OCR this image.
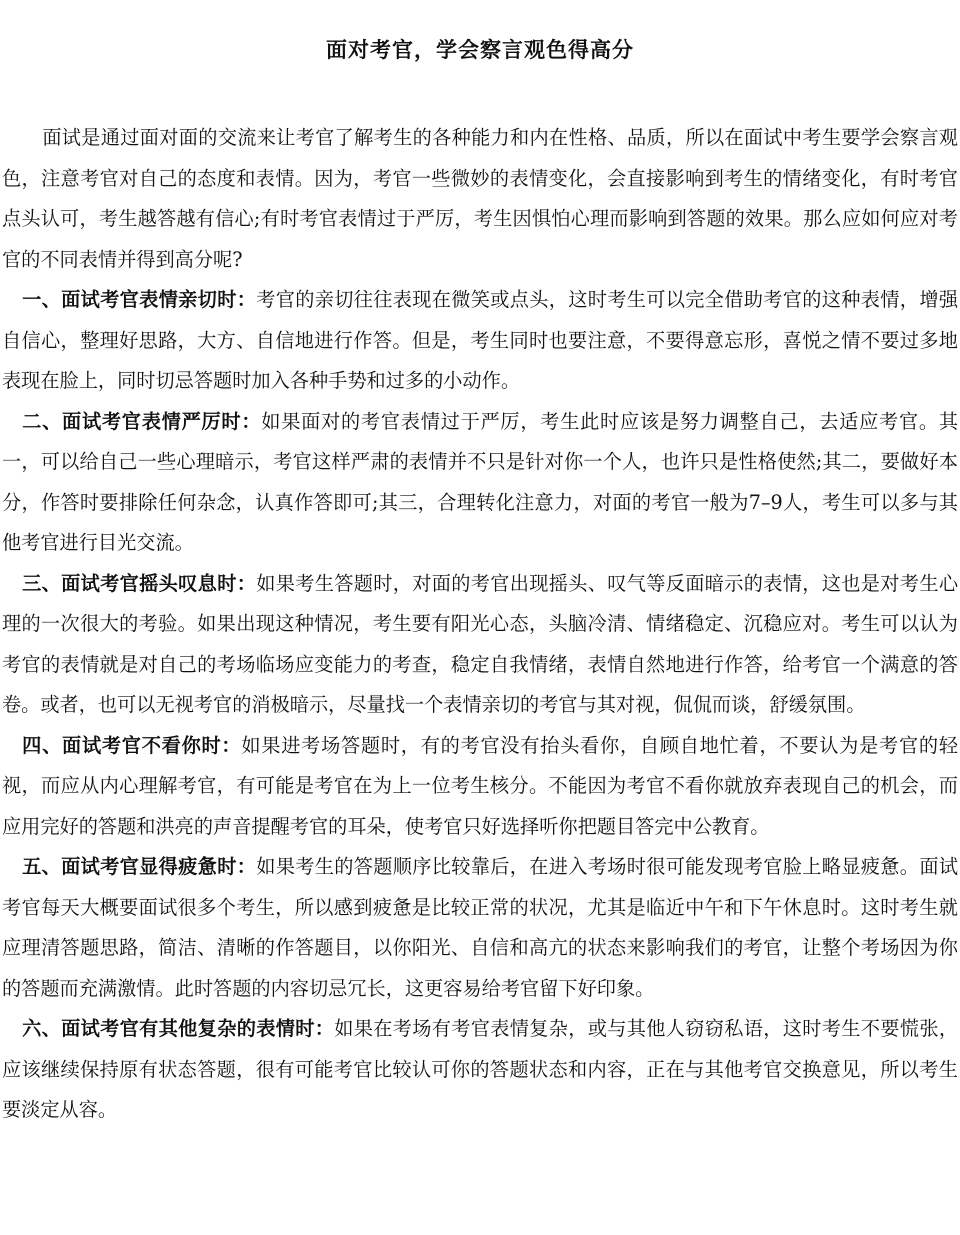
面对考官，学会察言观色得高分

面试是通过面对面的交流来让考官了解考生的各种能力和内在性格、品质，所以在面试中考生要学会察言观色，注意考官对自己的态度和表情。因为，考官一些微妙的表情变化，会直接影响到考生的情绪变化，有时考官点头认可，考生越答越有信心;有时考官表情过于严厉，考生因惧怕心理而影响到答题的效果。那么应如何应对考官的不同表情并得到高分呢?

一、面试考官表情亲切时：考官的亲切往往表现在微笑或点头，这时考生可以完全借助考官的这种表情，增强自信心，整理好思路，大方、自信地进行作答。但是，考生同时也要注意，不要得意忘形，喜悦之情不要过多地表现在脸上，同时切忌答题时加入各种手势和过多的小动作。

二、面试考官表情严厉时：如果面对的考官表情过于严厉，考生此时应该是努力调整自己，去适应考官。其一，可以给自己一些心理暗示，考官这样严肃的表情并不只是针对你一个人，也许只是性格使然;其二，要做好本分，作答时要排除任何杂念，认真作答即可;其三，合理转化注意力，对面的考官一般为7–9人，考生可以多与其他考官进行目光交流。

三、面试考官摇头叹息时：如果考生答题时，对面的考官出现摇头、叹气等反面暗示的表情，这也是对考生心理的一次很大的考验。如果出现这种情况，考生要有阳光心态，头脑冷清、情绪稳定、沉稳应对。考生可以认为考官的表情就是对自己的考场临场应变能力的考查，稳定自我情绪，表情自然地进行作答，给考官一个满意的答卷。或者，也可以无视考官的消极暗示，尽量找一个表情亲切的考官与其对视，侃侃而谈，舒缓氛围。

四、面试考官不看你时：如果进考场答题时，有的考官没有抬头看你，自顾自地忙着，不要认为是考官的轻视，而应从内心理解考官，有可能是考官在为上一位考生核分。不能因为考官不看你就放弃表现自己的机会，而应用完好的答题和洪亮的声音提醒考官的耳朵，使考官只好选择听你把题目答完中公教育。

五、面试考官显得疲惫时：如果考生的答题顺序比较靠后，在进入考场时很可能发现考官脸上略显疲惫。面试考官每天大概要面试很多个考生，所以感到疲惫是比较正常的状况，尤其是临近中午和下午休息时。这时考生就应理清答题思路，简洁、清晰的作答题目，以你阳光、自信和高亢的状态来影响我们的考官，让整个考场因为你的答题而充满激情。此时答题的内容切忌冗长，这更容易给考官留下好印象。

六、面试考官有其他复杂的表情时：如果在考场有考官表情复杂，或与其他人窃窃私语，这时考生不要慌张，应该继续保持原有状态答题，很有可能考官比较认可你的答题状态和内容，正在与其他考官交换意见，所以考生要淡定从容。
